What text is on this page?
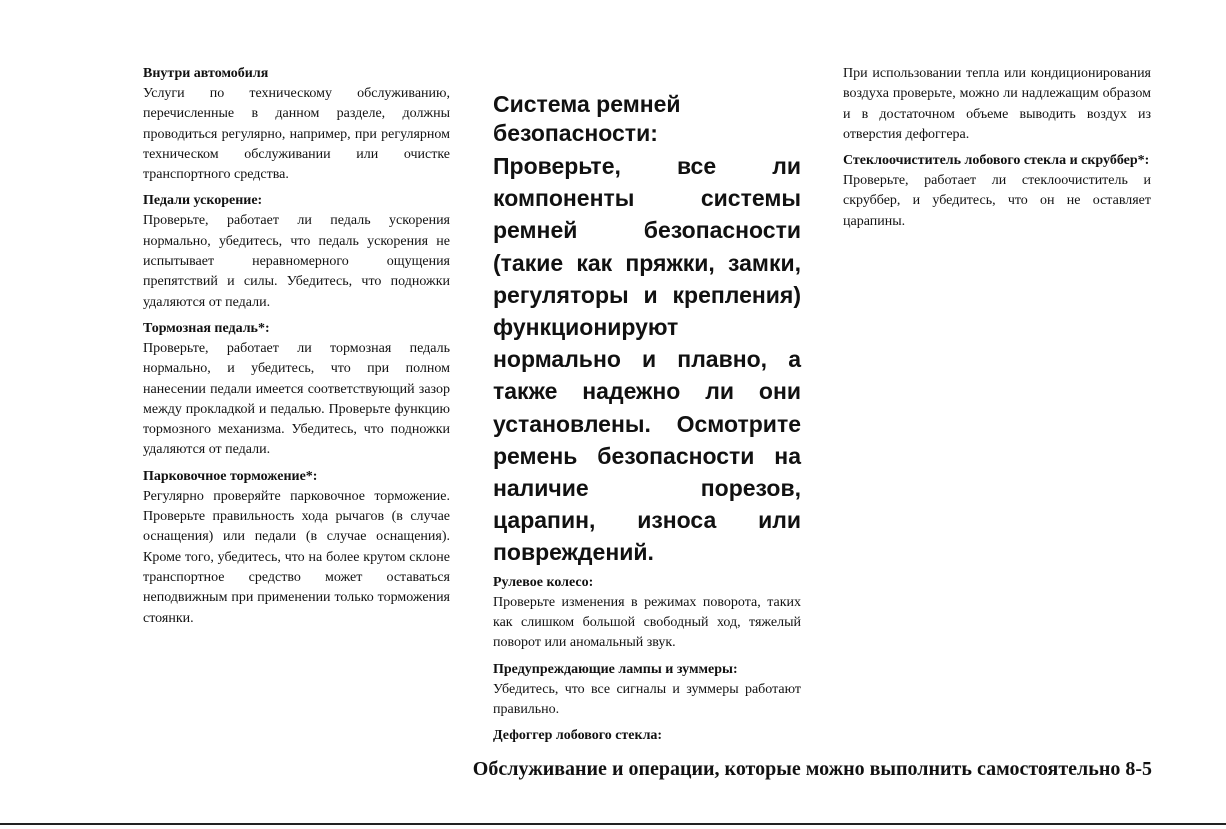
Внутри автомобиля

Услуги по техническому обслуживанию, перечисленные в данном разделе, должны проводиться регулярно, например, при регулярном техническом обслуживании или очистке транспортного средства.

Педали ускорение:

Проверьте, работает ли педаль ускорения нормально, убедитесь, что педаль ускорения не испытывает неравномерного ощущения препятствий и силы. Убедитесь, что подножки удаляются от педали.

Тормозная педаль*:

Проверьте, работает ли тормозная педаль нормально, и убедитесь, что при полном нанесении педали имеется соответствующий зазор между прокладкой и педалью. Проверьте функцию тормозного механизма. Убедитесь, что подножки удаляются от педали.

Парковочное торможение*:

Регулярно проверяйте парковочное торможение. Проверьте правильность хода рычагов (в случае оснащения) или педали (в случае оснащения). Кроме того, убедитесь, что на более крутом склоне транспортное средство может оставаться неподвижным при применении только торможения стоянки.

Система ремней безопасности:

Проверьте, все ли компоненты системы ремней безопасности (такие как пряжки, замки, регуляторы и крепления) функционируют нормально и плавно, а также надежно ли они установлены. Осмотрите ремень безопасности на наличие порезов, царапин, износа или повреждений.

Рулевое колесо:

Проверьте изменения в режимах поворота, таких как слишком большой свободный ход, тяжелый поворот или аномальный звук.

Предупреждающие лампы и зуммеры:

Убедитесь, что все сигналы и зуммеры работают правильно.

Дефоггер лобового стекла:

При использовании тепла или кондиционирования воздуха проверьте, можно ли надлежащим образом и в достаточном объеме выводить воздух из отверстия дефоггера.

Стеклоочиститель лобового стекла и скруббер*:

Проверьте, работает ли стеклоочиститель и скруббер, и убедитесь, что он не оставляет царапины.

Обслуживание и операции, которые можно выполнить самостоятельно 8-5
